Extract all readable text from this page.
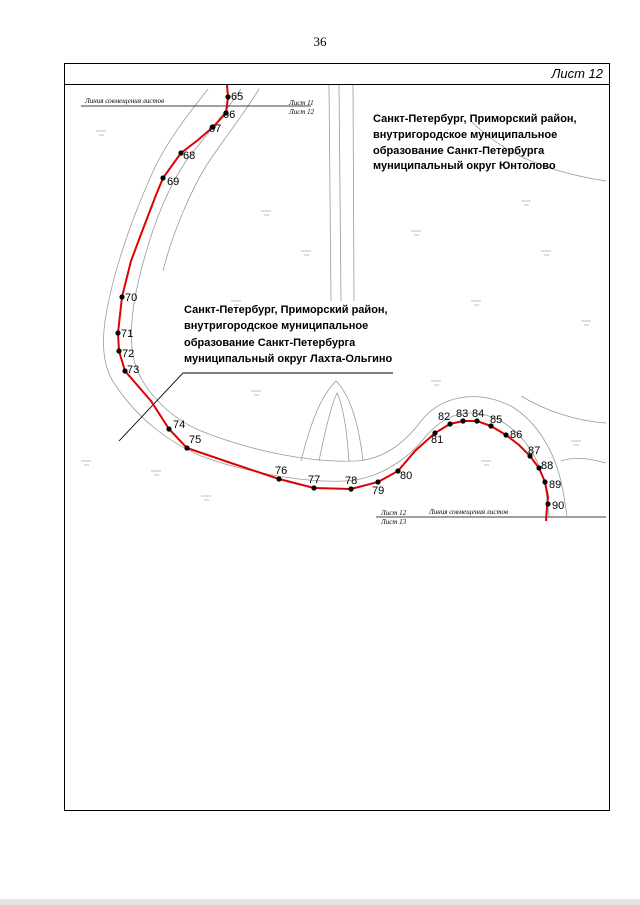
36
Лист 12
Линия совмещения листов	Лист 11
Лист 12
Линия совмещения листов
Лист 12
Лист 13
65
66
67
68
69
70
71
72
73
74
75
76
77 78
79
80
81
82 83 84 85
86
87
88
89
90
Санкт-Петербург, Приморский район,
внутригородское муниципальное
образование Санкт-Петербурга
муниципальный округ Юнтолово
Санкт-Петербург, Приморский район,
внутригородское муниципальное
образование Санкт-Петербурга
муниципальный округ Лахта-Ольгино
